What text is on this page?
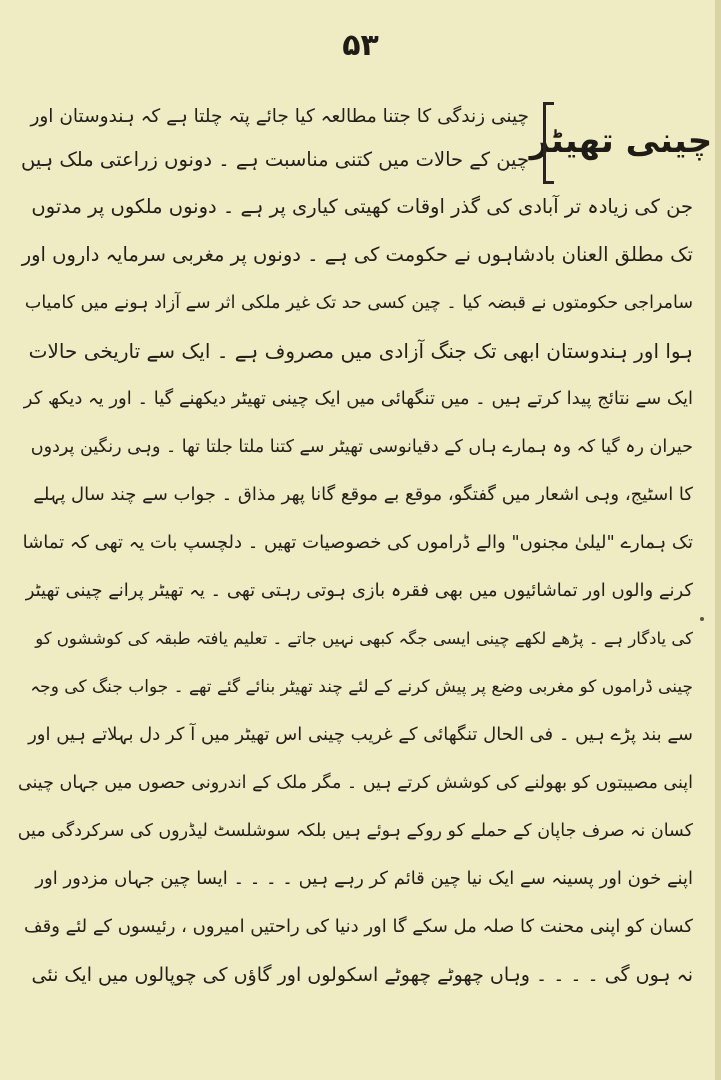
۵۳
چینی تھیٹر
چینی زندگی کا جتنا مطالعہ کیا جائے پتہ چلتا ہے کہ ہندوستان اور
چین کے حالات میں کتنی مناسبت ہے ۔ دونوں زراعتی ملک ہیں
جن کی زیادہ تر آبادی کی گذر اوقات کھیتی کیاری پر ہے ۔ دونوں ملکوں پر مدتوں
تک مطلق العنان بادشاہوں نے حکومت کی ہے ۔ دونوں پر مغربی سرمایہ داروں اور
سامراجی حکومتوں نے قبضہ کیا ۔ چین کسی حد تک غیر ملکی اثر سے آزاد ہونے میں کامیاب
ہوا اور ہندوستان ابھی تک جنگ آزادی میں مصروف ہے ۔ ایک سے تاریخی حالات
ایک سے نتائج پیدا کرتے ہیں ۔ میں تنگھائی میں ایک چینی تھیٹر دیکھنے گیا ۔ اور یہ دیکھ کر
حیران رہ گیا کہ وہ ہمارے ہاں کے دقیانوسی تھیٹر سے کتنا ملتا جلتا تھا ۔ وہی رنگین پردوں
کا اسٹیج، وہی اشعار میں گفتگو، موقع بے موقع گانا پھر مذاق ۔ جواب سے چند سال پہلے
تک ہمارے "لیلیٰ مجنوں" والے ڈراموں کی خصوصیات تھیں ۔ دلچسپ بات یہ تھی کہ تماشا
کرنے والوں اور تماشائیوں میں بھی فقرہ بازی ہوتی رہتی تھی ۔ یہ تھیٹر پرانے چینی تھیٹر
کی یادگار ہے ۔ پڑھے لکھے چینی ایسی جگہ کبھی نہیں جاتے ۔ تعلیم یافتہ طبقہ کی کوششوں کو
چینی ڈراموں کو مغربی وضع پر پیش کرنے کے لئے چند تھیٹر بنائے گئے تھے ۔ جواب جنگ کی وجہ
سے بند پڑے ہیں ۔ فی الحال تنگھائی کے غریب چینی اس تھیٹر میں آ کر دل بہلاتے ہیں اور
اپنی مصیبتوں کو بھولنے کی کوشش کرتے ہیں ۔ مگر ملک کے اندرونی حصوں میں جہاں چینی
کسان نہ صرف جاپان کے حملے کو روکے ہوئے ہیں بلکہ سوشلسٹ لیڈروں کی سرکردگی میں
اپنے خون اور پسینہ سے ایک نیا چین قائم کر رہے ہیں ۔ ۔ ۔ ۔ ایسا چین جہاں مزدور اور
کسان کو اپنی محنت کا صلہ مل سکے گا اور دنیا کی راحتیں امیروں ، رئیسوں کے لئے وقف
نہ ہوں گی ۔ ۔ ۔ ۔ وہاں چھوٹے چھوٹے اسکولوں اور گاؤں کی چوپالوں میں ایک نئی
